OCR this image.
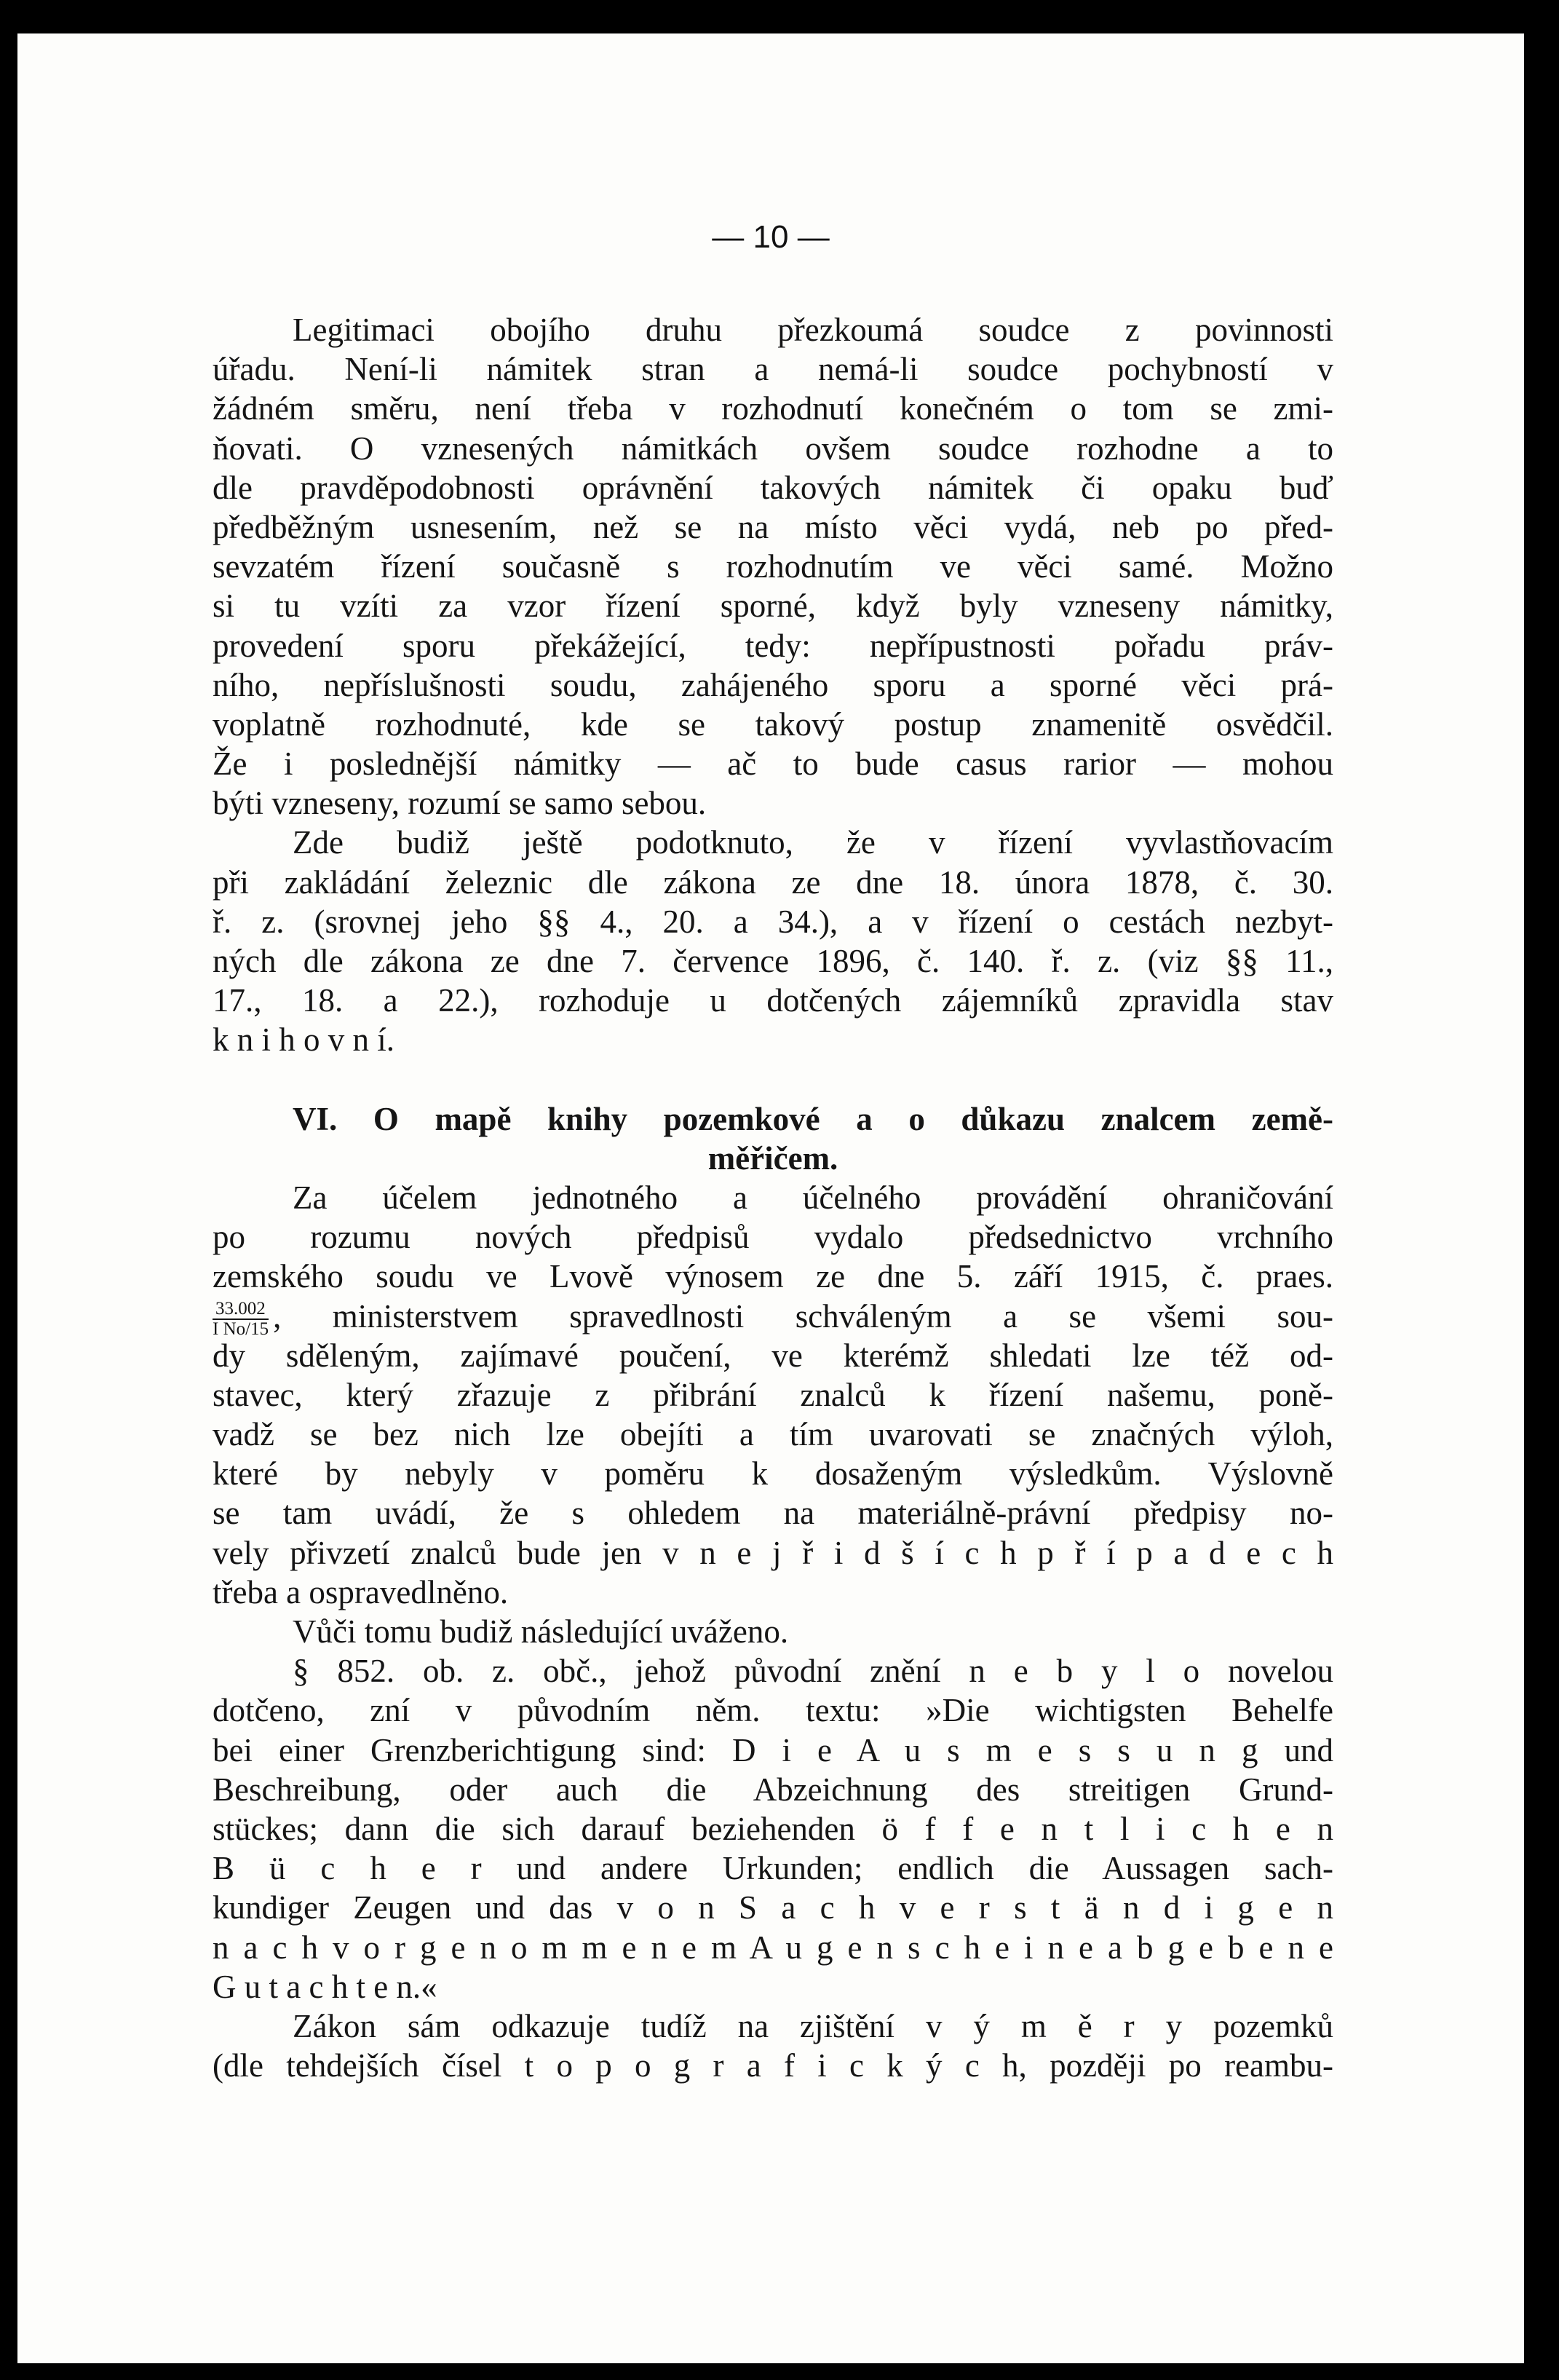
— 10 —
Legitimaci obojího druhu přezkoumá soudce z povinnosti
úřadu. Není-li námitek stran a nemá-li soudce pochybností v
žádném směru, není třeba v rozhodnutí konečném o tom se zmi-
ňovati. O vznesených námitkách ovšem soudce rozhodne a to
dle pravděpodobnosti oprávnění takových námitek či opaku buď
předběžným usnesením, než se na místo věci vydá, neb po před-
sevzatém řízení současně s rozhodnutím ve věci samé. Možno
si tu vzíti za vzor řízení sporné, když byly vzneseny námitky,
provedení sporu překážející, tedy: nepřípustnosti pořadu práv-
ního, nepříslušnosti soudu, zahájeného sporu a sporné věci prá-
voplatně rozhodnuté, kde se takový postup znamenitě osvědčil.
Že i poslednější námitky — ač to bude casus rarior — mohou
býti vzneseny, rozumí se samo sebou.
Zde budiž ještě podotknuto, že v řízení vyvlastňovacím
při zakládání železnic dle zákona ze dne 18. února 1878, č. 30.
ř. z. (srovnej jeho §§ 4., 20. a 34.), a v řízení o cestách nezbyt-
ných dle zákona ze dne 7. července 1896, č. 140. ř. z. (viz §§ 11.,
17., 18. a 22.), rozhoduje u dotčených zájemníků zpravidla stav
k n i h o v n í.
VI. O mapě knihy pozemkové a o důkazu znalcem země-
měřičem.
Za účelem jednotného a účelného provádění ohraničování
po rozumu nových předpisů vydalo předsednictvo vrchního
zemského soudu ve Lvově výnosem ze dne 5. září 1915, č. praes.
$\frac{33.002}{\text{I No/15}}$ , ministerstvem spravedlnosti schváleným a se všemi sou-
dy sděleným, zajímavé poučení, ve kterémž shledati lze též od-
stavec, který zřazuje z přibrání znalců k řízení našemu, poně-
vadž se bez nich lze obejíti a tím uvarovati se značných výloh,
které by nebyly v poměru k dosaženým výsledkům. Výslovně
se tam uvádí, že s ohledem na materiálně-právní předpisy no-
vely přivzetí znalců bude jen v n e j ř i d š í c h p ř í p a d e c h
třeba a ospravedlněno.
Vůči tomu budiž následující uváženo.
§ 852. ob. z. obč., jehož původní znění n e b y l o novelou
dotčeno, zní v původním něm. textu: »Die wichtigsten Behelfe
bei einer Grenzberichtigung sind: D i e A u s m e s s u n g und
Beschreibung, oder auch die Abzeichnung des streitigen Grund-
stückes; dann die sich darauf beziehenden ö f f e n t l i c h e n
B ü c h e r und andere Urkunden; endlich die Aussagen sach-
kundiger Zeugen und das v o n S a c h v e r s t ä n d i g e n
n a c h v o r g e n o m m e n e m A u g e n s c h e i n e a b g e b e n e
G u t a c h t e n.«
Zákon sám odkazuje tudíž na zjištění v ý m ě r y pozemků
(dle tehdejších čísel t o p o g r a f i c k ý c h, později po reambu-
